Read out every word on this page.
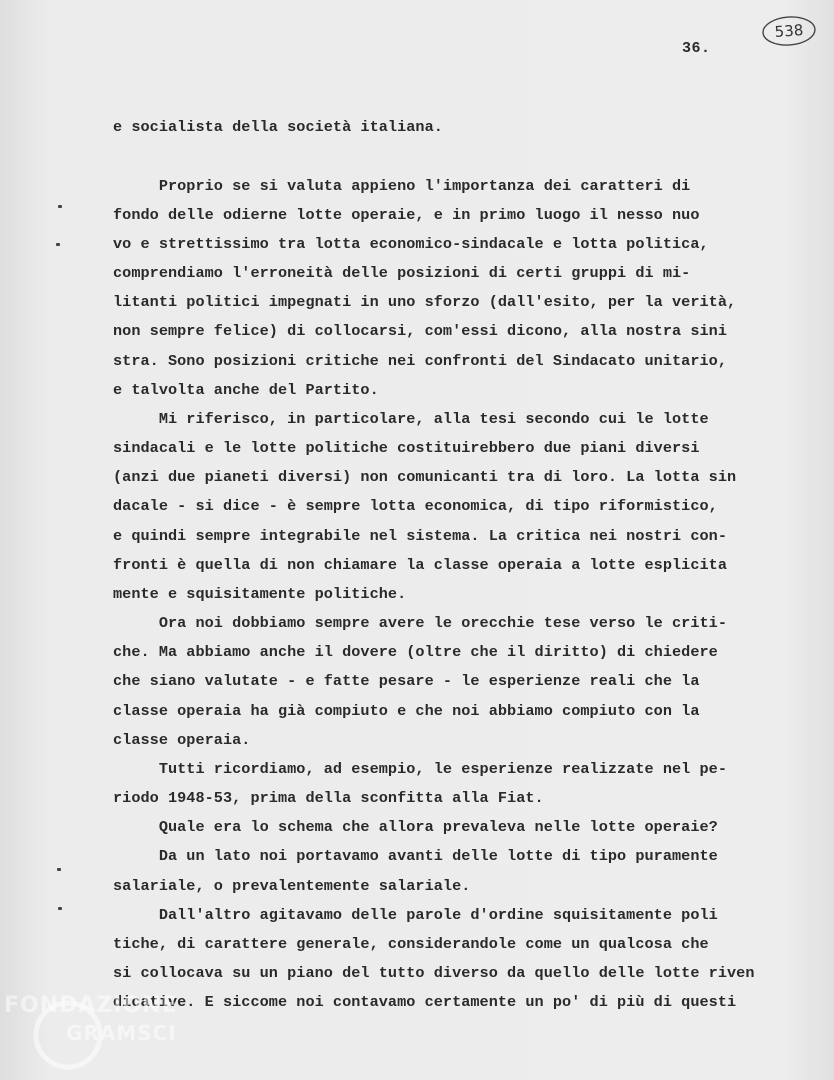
36.
538
e socialista della società italiana.
Proprio se si valuta appieno l'importanza dei caratteri di
fondo delle odierne lotte operaie, e in primo luogo il nesso nuo
vo e strettissimo tra lotta economico-sindacale e lotta politica,
comprendiamo l'erroneità delle posizioni di certi gruppi di mi-
litanti politici impegnati in uno sforzo (dall'esito, per la verità,
non sempre felice) di collocarsi, com'essi dicono, alla nostra sini
stra. Sono posizioni critiche nei confronti del Sindacato unitario,
e talvolta anche del Partito.
Mi riferisco, in particolare, alla tesi secondo cui le lotte
sindacali e le lotte politiche costituirebbero due piani diversi
(anzi due pianeti diversi) non comunicanti tra di loro. La lotta sin
dacale - si dice - è sempre lotta economica, di tipo riformistico,
e quindi sempre integrabile nel sistema. La critica nei nostri con-
fronti è quella di non chiamare la classe operaia a lotte esplicita
mente e squisitamente politiche.
Ora noi dobbiamo sempre avere le orecchie tese verso le criti-
che. Ma abbiamo anche il dovere (oltre che il diritto) di chiedere
che siano valutate - e fatte pesare - le esperienze reali che la
classe operaia ha già compiuto e che noi abbiamo compiuto con la
classe operaia.
Tutti ricordiamo, ad esempio, le esperienze realizzate nel pe-
riodo 1948-53, prima della sconfitta alla Fiat.
Quale era lo schema che allora prevaleva nelle lotte operaie?
Da un lato noi portavamo avanti delle lotte di tipo puramente
salariale, o prevalentemente salariale.
Dall'altro agitavamo delle parole d'ordine squisitamente poli
tiche, di carattere generale, considerandole come un qualcosa che
si collocava su un piano del tutto diverso da quello delle lotte riven
dicative. E siccome noi contavamo certamente un po' di più di questi
FONDAZIONE
GRAMSCI
